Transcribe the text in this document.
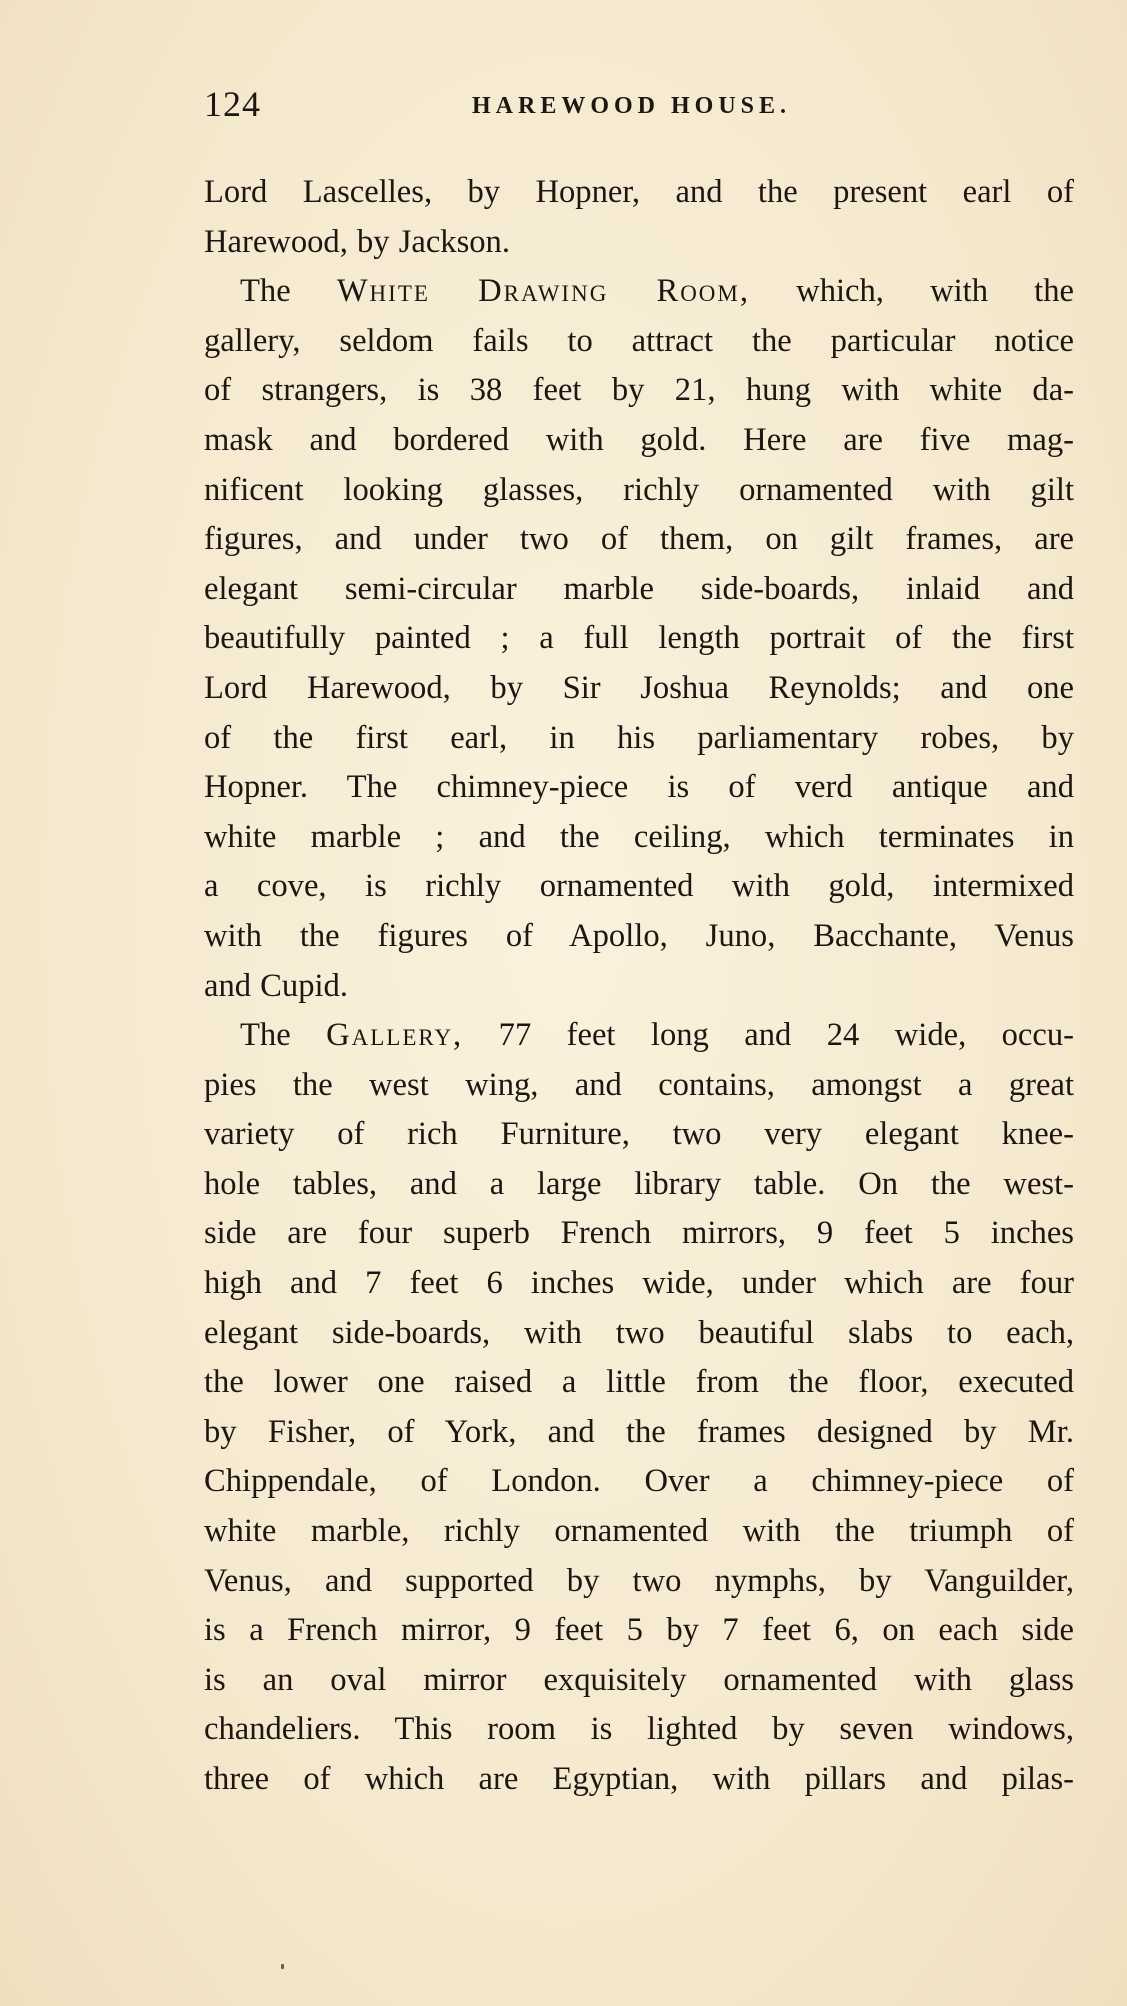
124	HAREWOOD HOUSE.
Lord Lascelles, by Hopner, and the present earl of
Harewood, by Jackson.
The White Drawing Room, which, with the
gallery, seldom fails to attract the particular notice
of strangers, is 38 feet by 21, hung with white da-
mask and bordered with gold. Here are five mag-
nificent looking glasses, richly ornamented with gilt
figures, and under two of them, on gilt frames, are
elegant semi-circular marble side-boards, inlaid and
beautifully painted ; a full length portrait of the first
Lord Harewood, by Sir Joshua Reynolds; and one
of the first earl, in his parliamentary robes, by
Hopner. The chimney-piece is of verd antique and
white marble ; and the ceiling, which terminates in
a cove, is richly ornamented with gold, intermixed
with the figures of Apollo, Juno, Bacchante, Venus
and Cupid.
The Gallery, 77 feet long and 24 wide, occu-
pies the west wing, and contains, amongst a great
variety of rich Furniture, two very elegant knee-
hole tables, and a large library table. On the west-
side are four superb French mirrors, 9 feet 5 inches
high and 7 feet 6 inches wide, under which are four
elegant side-boards, with two beautiful slabs to each,
the lower one raised a little from the floor, executed
by Fisher, of York, and the frames designed by Mr.
Chippendale, of London. Over a chimney-piece of
white marble, richly ornamented with the triumph of
Venus, and supported by two nymphs, by Vanguilder,
is a French mirror, 9 feet 5 by 7 feet 6, on each side
is an oval mirror exquisitely ornamented with glass
chandeliers. This room is lighted by seven windows,
three of which are Egyptian, with pillars and pilas-
